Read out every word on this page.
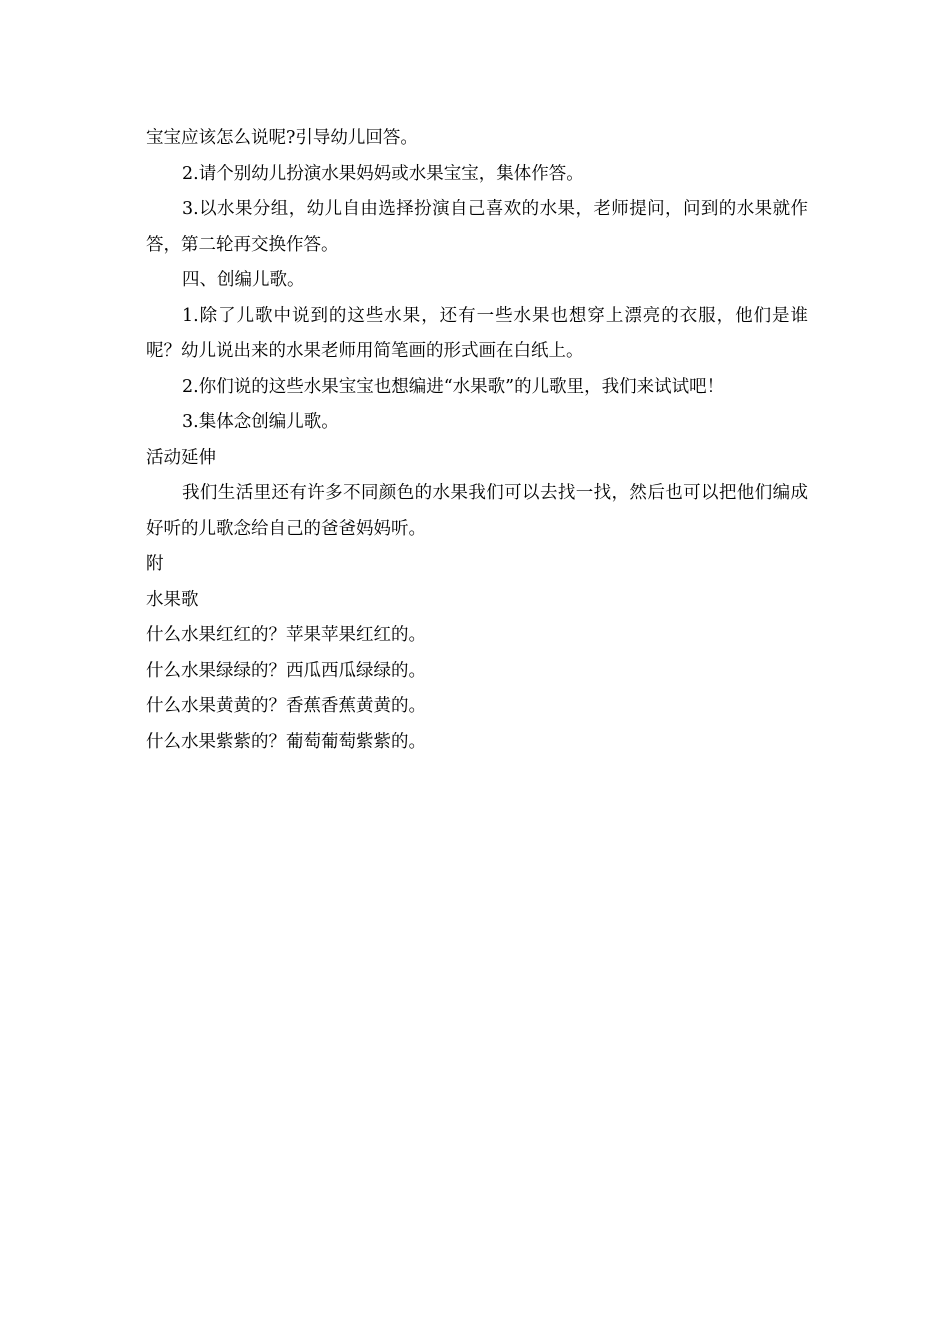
宝宝应该怎么说呢?引导幼儿回答。

2.请个别幼儿扮演水果妈妈或水果宝宝，集体作答。

3.以水果分组，幼儿自由选择扮演自己喜欢的水果，老师提问，问到的水果就作答，第二轮再交换作答。

四、创编儿歌。

1.除了儿歌中说到的这些水果，还有一些水果也想穿上漂亮的衣服，他们是谁呢？幼儿说出来的水果老师用简笔画的形式画在白纸上。

2.你们说的这些水果宝宝也想编进“水果歌”的儿歌里，我们来试试吧！

3.集体念创编儿歌。

活动延伸

我们生活里还有许多不同颜色的水果我们可以去找一找，然后也可以把他们编成好听的儿歌念给自己的爸爸妈妈听。

附

水果歌

什么水果红红的？苹果苹果红红的。

什么水果绿绿的？西瓜西瓜绿绿的。

什么水果黄黄的？香蕉香蕉黄黄的。

什么水果紫紫的？葡萄葡萄紫紫的。
